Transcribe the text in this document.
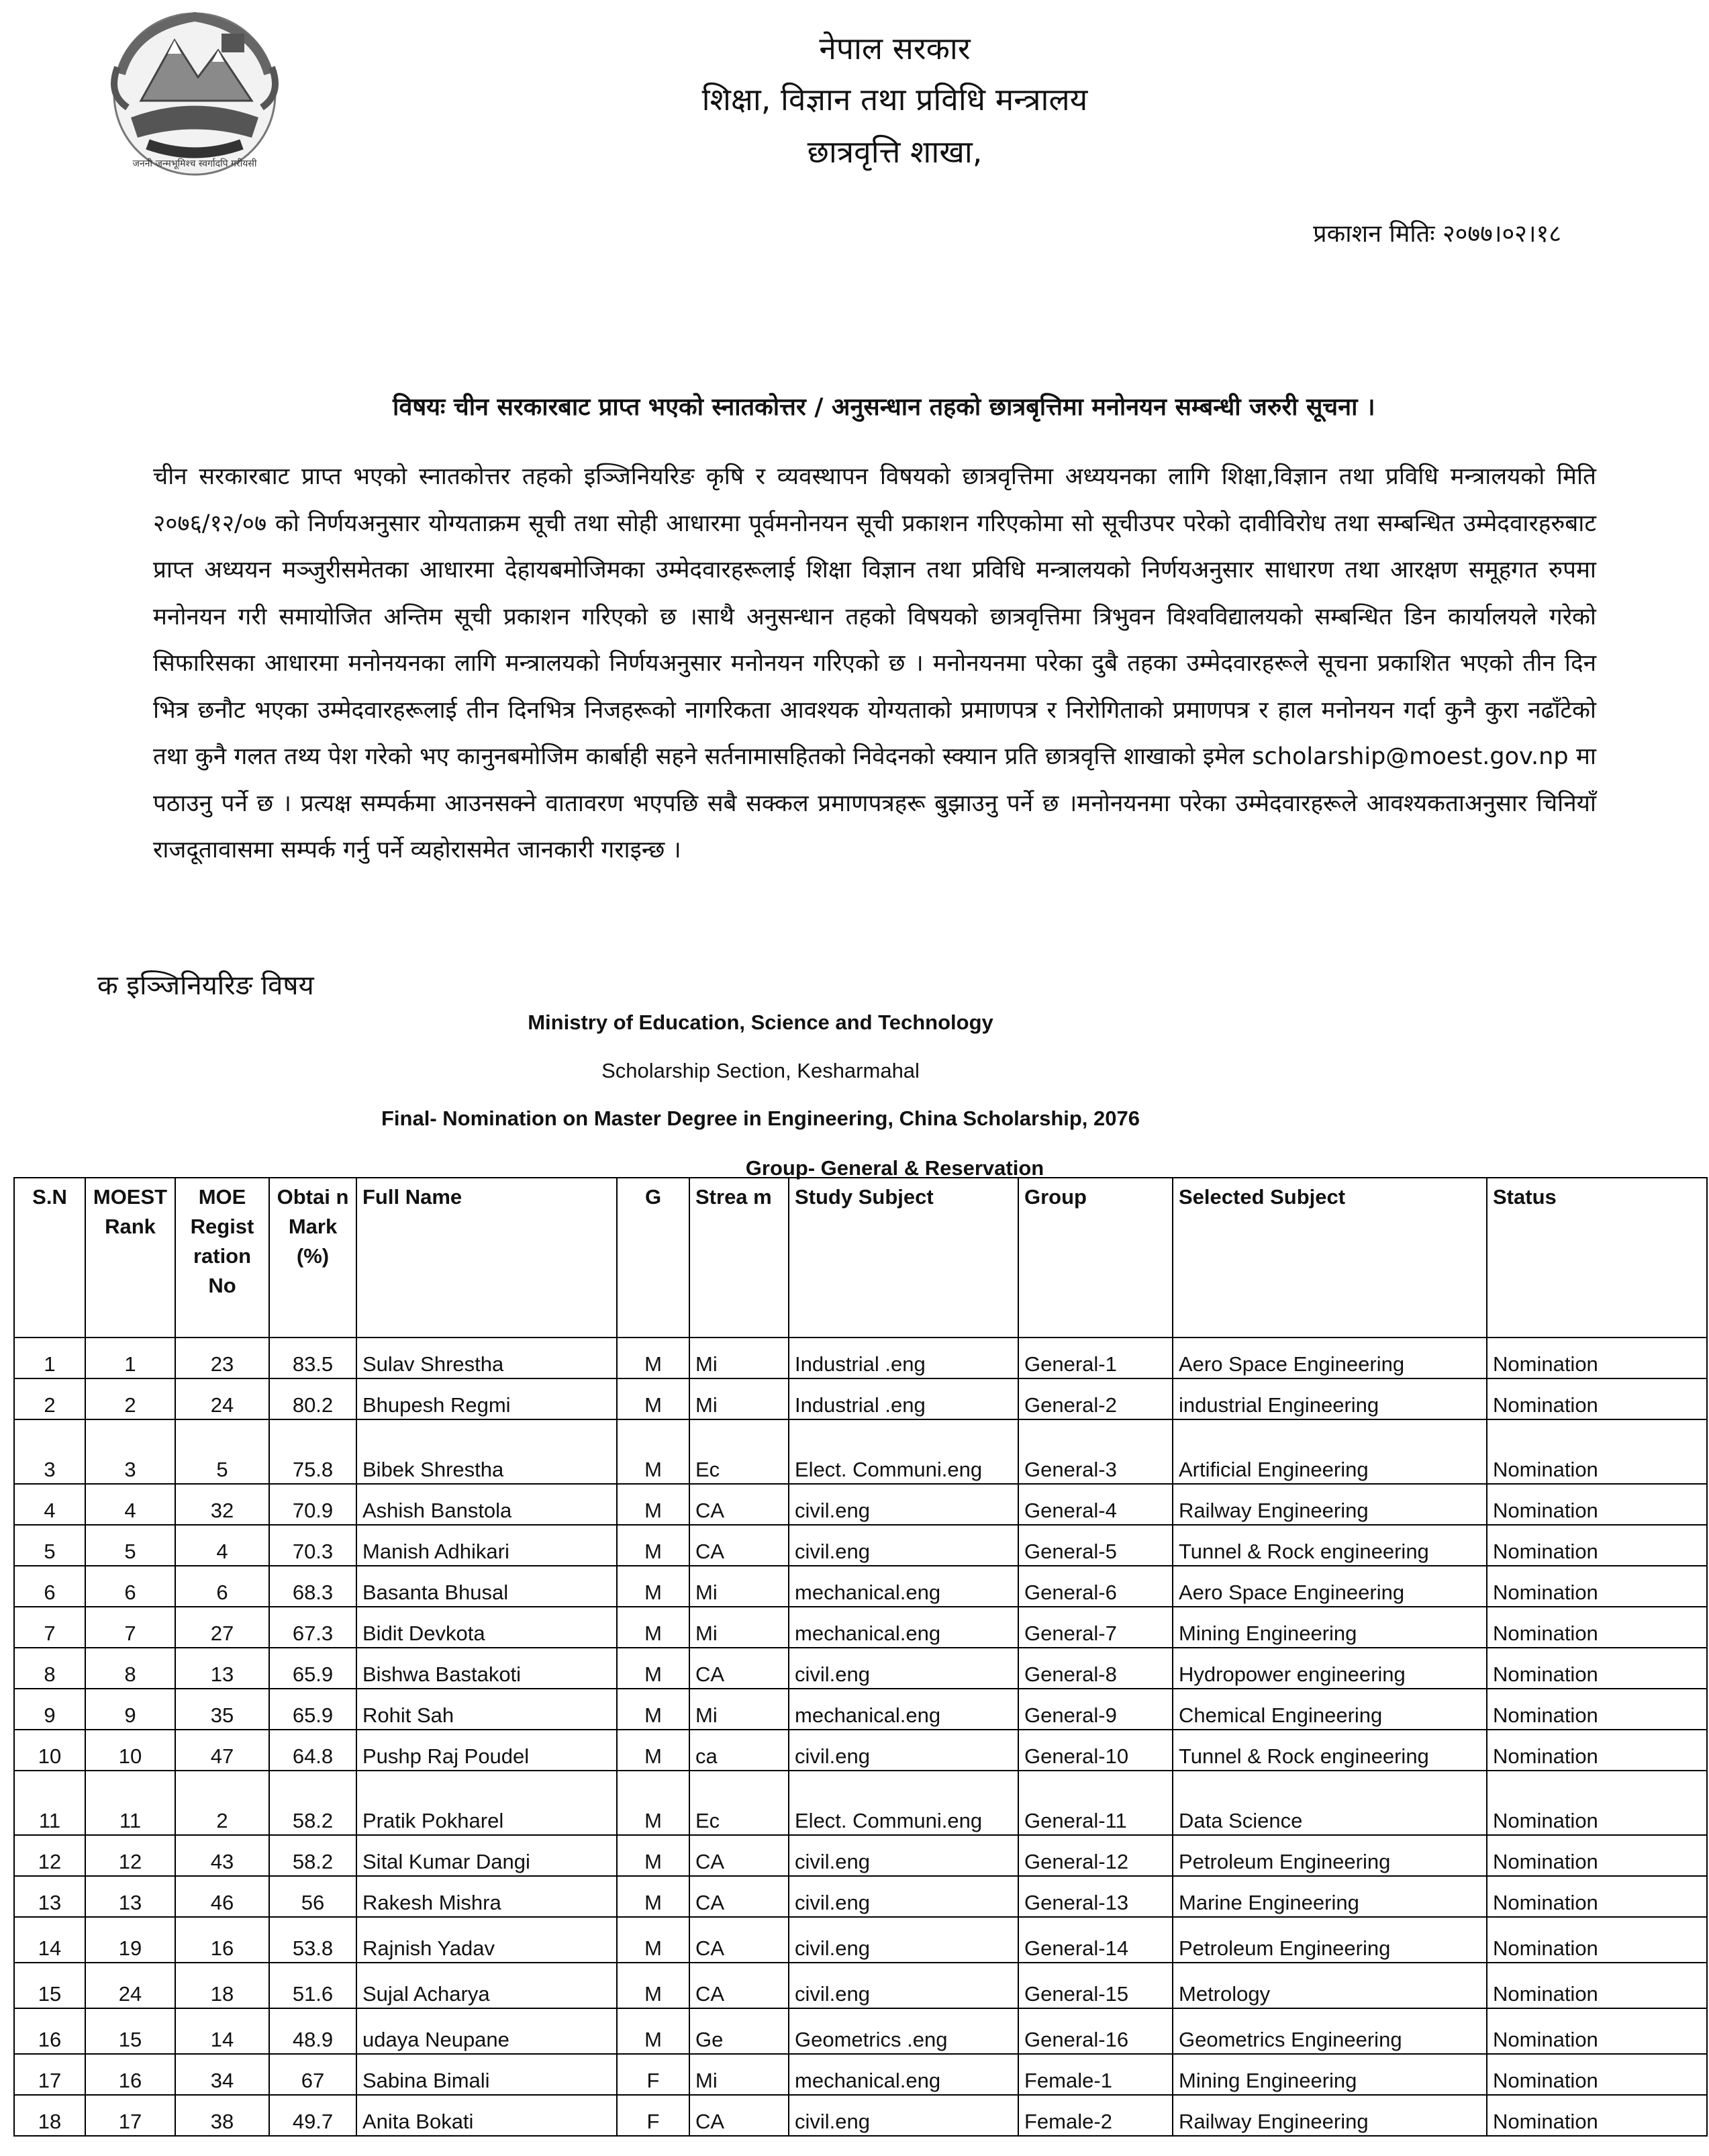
जननी जन्मभूमिश्च स्वर्गादपि गरीयसी
नेपाल सरकार
शिक्षा, विज्ञान तथा प्रविधि मन्त्रालय
छात्रवृत्ति शाखा,
प्रकाशन मितिः २०७७।०२।१८
विषयः चीन सरकारबाट प्राप्त भएको स्नातकोत्तर / अनुसन्धान तहको छात्रबृत्तिमा मनोनयन सम्बन्धी जरुरी सूचना ।
चीन सरकारबाट प्राप्त भएको स्नातकोत्तर तहको इञ्जिनियरिङ कृषि र व्यवस्थापन विषयको छात्रवृत्तिमा अध्ययनका लागि शिक्षा,विज्ञान तथा प्रविधि मन्त्रालयको मिति २०७६/१२/०७ को निर्णयअनुसार योग्यताक्रम सूची तथा सोही आधारमा पूर्वमनोनयन सूची प्रकाशन गरिएकोमा सो सूचीउपर परेको दावीविरोध तथा सम्बन्धित उम्मेदवारहरुबाट प्राप्त अध्ययन मञ्जुरीसमेतका आधारमा देहायबमोजिमका उम्मेदवारहरूलाई शिक्षा विज्ञान तथा प्रविधि मन्त्रालयको निर्णयअनुसार साधारण तथा आरक्षण समूहगत रुपमा मनोनयन गरी समायोजित अन्तिम सूची प्रकाशन गरिएको छ ।साथै अनुसन्धान तहको विषयको छात्रवृत्तिमा त्रिभुवन विश्वविद्यालयको सम्बन्धित डिन कार्यालयले गरेको सिफारिसका आधारमा मनोनयनका लागि मन्त्रालयको निर्णयअनुसार मनोनयन गरिएको छ । मनोनयनमा परेका दुबै तहका उम्मेदवारहरूले सूचना प्रकाशित भएको तीन दिन भित्र छनौट भएका उम्मेदवारहरूलाई तीन दिनभित्र निजहरूको नागरिकता आवश्यक योग्यताको प्रमाणपत्र र निरोगिताको प्रमाणपत्र र हाल मनोनयन गर्दा कुनै कुरा नढाँटेको तथा कुनै गलत तथ्य पेश गरेको भए कानुनबमोजिम कार्बाही सहने सर्तनामासहितको निवेदनको स्क्यान प्रति छात्रवृत्ति शाखाको इमेल scholarship@moest.gov.np मा पठाउनु पर्ने छ । प्रत्यक्ष सम्पर्कमा आउनसक्ने वातावरण भएपछि सबै सक्कल प्रमाणपत्रहरू बुझाउनु पर्ने छ ।मनोनयनमा परेका उम्मेदवारहरूले आवश्यकताअनुसार चिनियाँ राजदूतावासमा सम्पर्क गर्नु पर्ने व्यहोरासमेत जानकारी गराइन्छ ।
क इञ्जिनियरिङ विषय
Ministry of Education, Science and Technology
Scholarship Section, Kesharmahal
Final- Nomination on Master Degree in Engineering, China Scholarship, 2076
Group- General & Reservation
S.N	MOEST Rank	MOE Regist ration No	Obtai n Mark (%)	Full Name	G	Strea m	Study Subject	Group	Selected Subject	Status
1	1	23	83.5	Sulav Shrestha	M	Mi	Industrial .eng	General-1	Aero Space Engineering	Nomination
2	2	24	80.2	Bhupesh Regmi	M	Mi	Industrial .eng	General-2	industrial Engineering	Nomination
3	3	5	75.8	Bibek Shrestha	M	Ec	Elect. Communi.eng	General-3	Artificial Engineering	Nomination
4	4	32	70.9	Ashish Banstola	M	CA	civil.eng	General-4	Railway Engineering	Nomination
5	5	4	70.3	Manish Adhikari	M	CA	civil.eng	General-5	Tunnel & Rock engineering	Nomination
6	6	6	68.3	Basanta Bhusal	M	Mi	mechanical.eng	General-6	Aero Space Engineering	Nomination
7	7	27	67.3	Bidit Devkota	M	Mi	mechanical.eng	General-7	Mining Engineering	Nomination
8	8	13	65.9	Bishwa Bastakoti	M	CA	civil.eng	General-8	Hydropower engineering	Nomination
9	9	35	65.9	Rohit Sah	M	Mi	mechanical.eng	General-9	Chemical Engineering	Nomination
10	10	47	64.8	Pushp Raj Poudel	M	ca	civil.eng	General-10	Tunnel & Rock engineering	Nomination
11	11	2	58.2	Pratik Pokharel	M	Ec	Elect. Communi.eng	General-11	Data Science	Nomination
12	12	43	58.2	Sital Kumar Dangi	M	CA	civil.eng	General-12	Petroleum Engineering	Nomination
13	13	46	56	Rakesh Mishra	M	CA	civil.eng	General-13	Marine Engineering	Nomination
14	19	16	53.8	Rajnish Yadav	M	CA	civil.eng	General-14	Petroleum Engineering	Nomination
15	24	18	51.6	Sujal Acharya	M	CA	civil.eng	General-15	Metrology	Nomination
16	15	14	48.9	udaya Neupane	M	Ge	Geometrics .eng	General-16	Geometrics Engineering	Nomination
17	16	34	67	Sabina Bimali	F	Mi	mechanical.eng	Female-1	Mining Engineering	Nomination
18	17	38	49.7	Anita Bokati	F	CA	civil.eng	Female-2	Railway Engineering	Nomination
